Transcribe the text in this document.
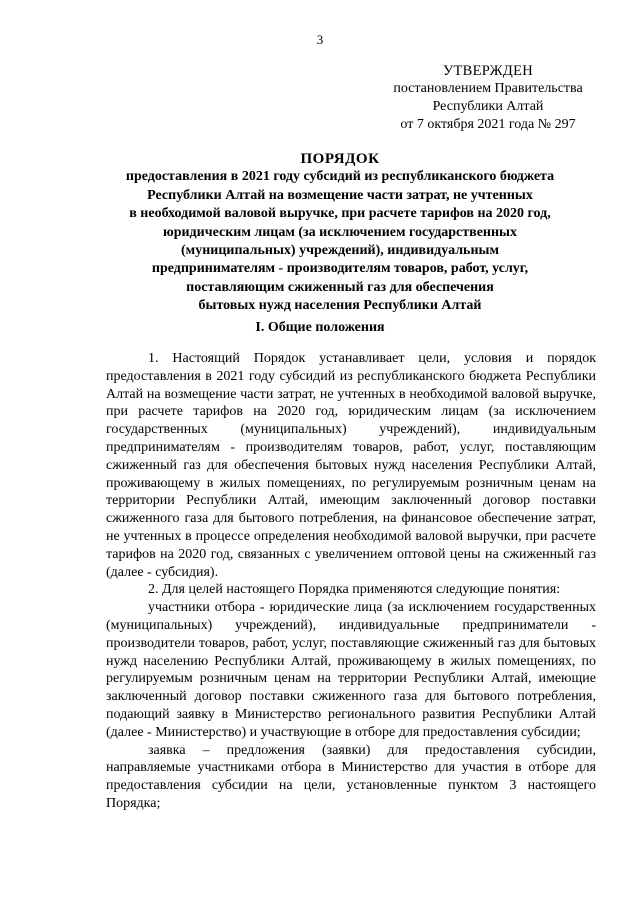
3
УТВЕРЖДЕН
постановлением Правительства
Республики Алтай
от 7 октября 2021 года № 297
ПОРЯДОК
предоставления в 2021 году субсидий из республиканского бюджета
Республики Алтай на возмещение части затрат, не учтенных
в необходимой валовой выручке, при расчете тарифов на 2020 год,
юридическим лицам (за исключением государственных
(муниципальных) учреждений), индивидуальным
предпринимателям - производителям товаров, работ, услуг,
поставляющим сжиженный газ для обеспечения
бытовых нужд населения Республики Алтай
I. Общие положения

1. Настоящий Порядок устанавливает цели, условия и порядок предоставления в 2021 году субсидий из республиканского бюджета Республики Алтай на возмещение части затрат, не учтенных в необходимой валовой выручке, при расчете тарифов на 2020 год, юридическим лицам (за исключением государственных (муниципальных) учреждений), индивидуальным предпринимателям - производителям товаров, работ, услуг, поставляющим сжиженный газ для обеспечения бытовых нужд населения Республики Алтай, проживающему в жилых помещениях, по регулируемым розничным ценам на территории Республики Алтай, имеющим заключенный договор поставки сжиженного газа для бытового потребления, на финансовое обеспечение затрат, не учтенных в процессе определения необходимой валовой выручки, при расчете тарифов на 2020 год, связанных с увеличением оптовой цены на сжиженный газ (далее - субсидия).

2. Для целей настоящего Порядка применяются следующие понятия:

участники отбора - юридические лица (за исключением государственных (муниципальных) учреждений), индивидуальные предприниматели - производители товаров, работ, услуг, поставляющие сжиженный газ для бытовых нужд населению Республики Алтай, проживающему в жилых помещениях, по регулируемым розничным ценам на территории Республики Алтай, имеющие заключенный договор поставки сжиженного газа для бытового потребления, подающий заявку в Министерство регионального развития Республики Алтай (далее - Министерство) и участвующие в отборе для предоставления субсидии;

заявка – предложения (заявки) для предоставления субсидии, направляемые участниками отбора в Министерство для участия в отборе для предоставления субсидии на цели, установленные пунктом 3 настоящего Порядка;
